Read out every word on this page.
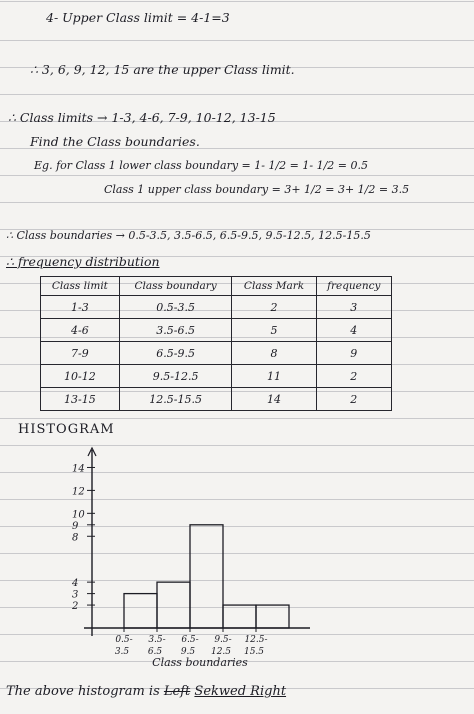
4- Upper Class limit = 4-1=3
∴ 3, 6, 9, 12, 15 are the upper Class limit.
∴ Class limits → 1-3, 4-6, 7-9, 10-12, 13-15
Find the Class boundaries.
Eg. for Class 1 lower class boundary = 1- 1/2 = 1- 1/2 = 0.5
Class 1 upper class boundary = 3+ 1/2 = 3+ 1/2 = 3.5
∴ Class boundaries → 0.5-3.5, 3.5-6.5, 6.5-9.5, 9.5-12.5, 12.5-15.5
∴ frequency distribution
Class limit	Class boundary	Class Mark	frequency
1-3	0.5-3.5	2	3
4-6	3.5-6.5	5	4
7-9	6.5-9.5	8	9
10-12	9.5-12.5	11	2
13-15	12.5-15.5	14	2
HISTOGRAM
2
3
4
8
9
10
12
14
0.5-
3.5
3.5-
6.5
6.5-
9.5
9.5-
12.5
12.5-
15.5
Class boundaries
The above histogram is Left Sekwed Right
